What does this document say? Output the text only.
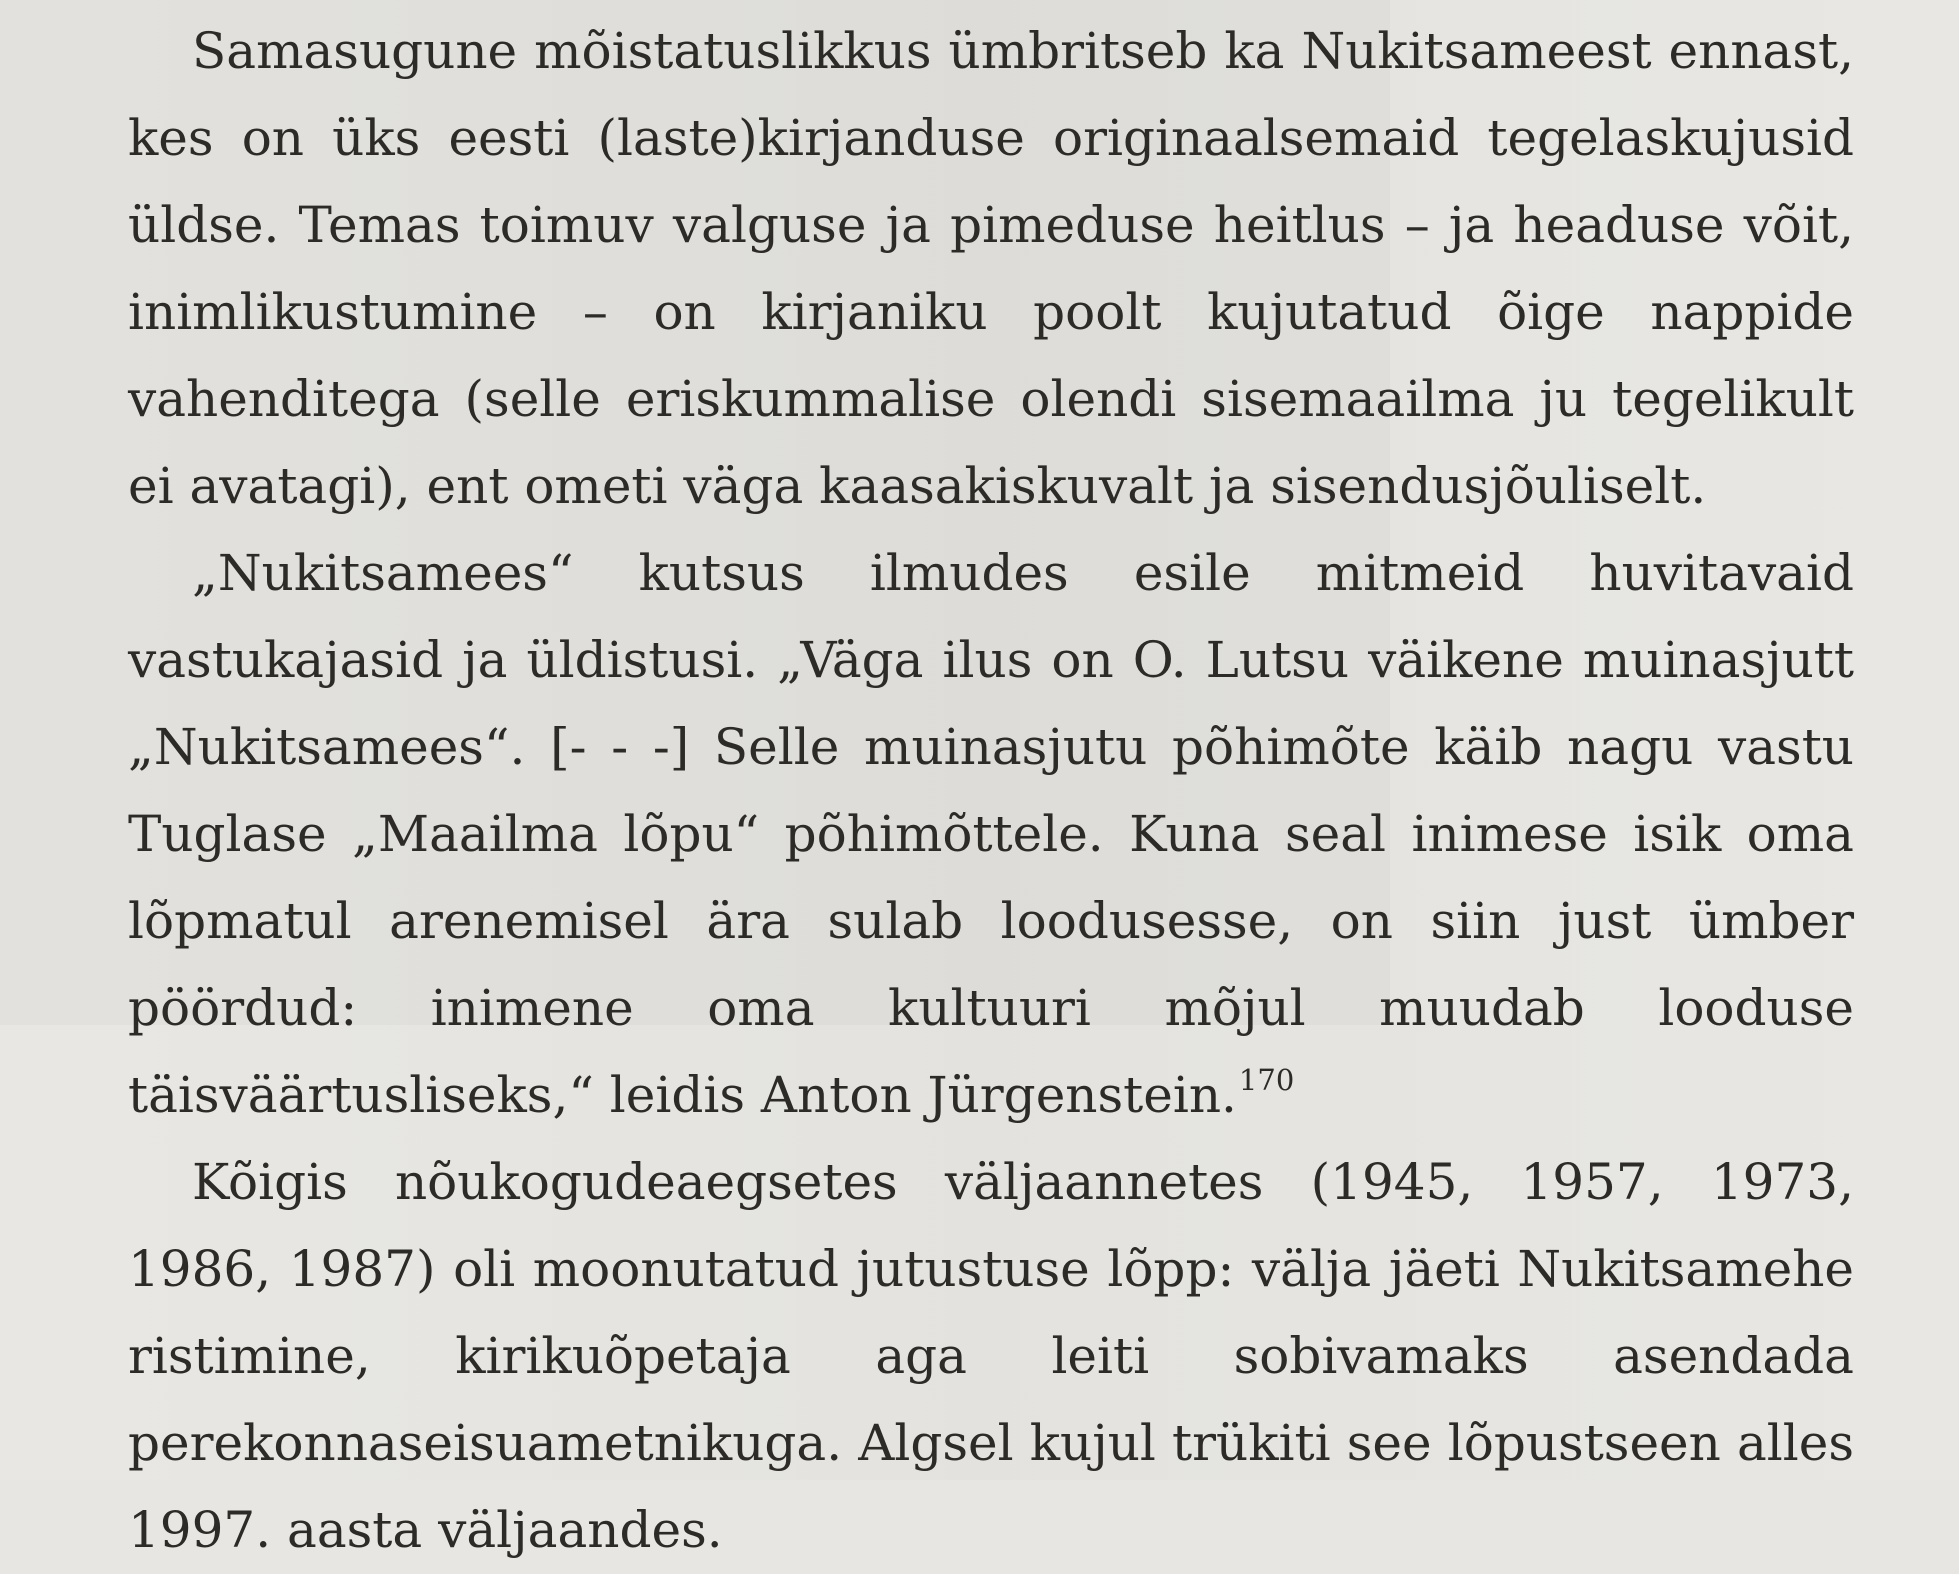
Samasugune mõistatuslikkus ümbritseb ka Nukitsameest ennast, kes on üks eesti (laste)kirjanduse originaalsemaid tegelaskujusid üldse. Temas toimuv valguse ja pimeduse heitlus – ja headuse võit, inimlikustumine – on kirjaniku poolt kujutatud õige nappide vahenditega (selle eriskummalise olendi sisemaailma ju tegelikult ei avatagi), ent ometi väga kaasakiskuvalt ja sisendusjõuliselt.

„Nukitsamees“ kutsus ilmudes esile mitmeid huvitavaid vastukajasid ja üldistusi. „Väga ilus on O. Lutsu väikene muinasjutt „Nukitsamees“. [- - -] Selle muinasjutu põhimõte käib nagu vastu Tuglase „Maailma lõpu“ põhimõttele. Kuna seal inimese isik oma lõpmatul arenemisel ära sulab loodusesse, on siin just ümber pöördud: inimene oma kultuuri mõjul muudab looduse täisväärtusliseks,“ leidis Anton Jürgenstein.$^{170}$

Kõigis nõukogudeaegsetes väljaannetes (1945, 1957, 1973, 1986, 1987) oli moonutatud jutustuse lõpp: välja jäeti Nukitsamehe ristimine, kirikuõpetaja aga leiti sobivamaks asendada perekonnaseisuametnikuga. Algsel kujul trükiti see lõpustseen alles 1997. aasta väljaandes.
